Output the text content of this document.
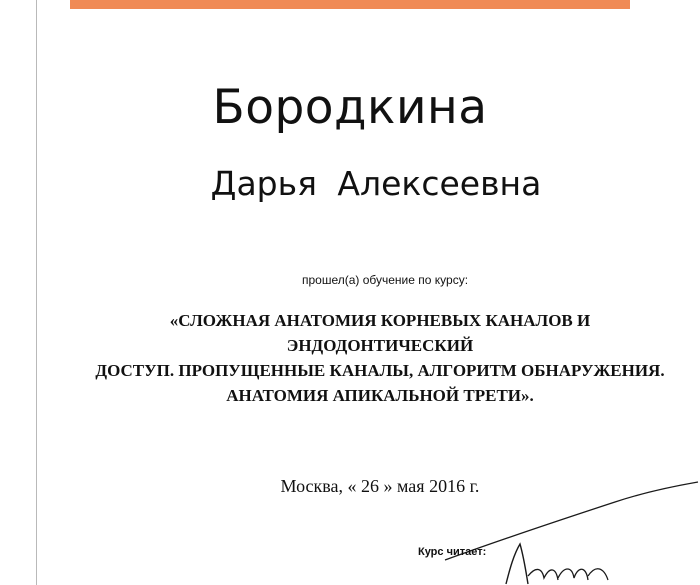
Бородкина
Дарья Алексеевна
прошел(а) обучение по курсу:
«СЛОЖНАЯ АНАТОМИЯ КОРНЕВЫХ КАНАЛОВ И ЭНДОДОНТИЧЕСКИЙ
ДОСТУП. ПРОПУЩЕННЫЕ КАНАЛЫ, АЛГОРИТМ ОБНАРУЖЕНИЯ.
АНАТОМИЯ АПИКАЛЬНОЙ ТРЕТИ».
Москва, « 26 » мая 2016 г.
Курс читает:
